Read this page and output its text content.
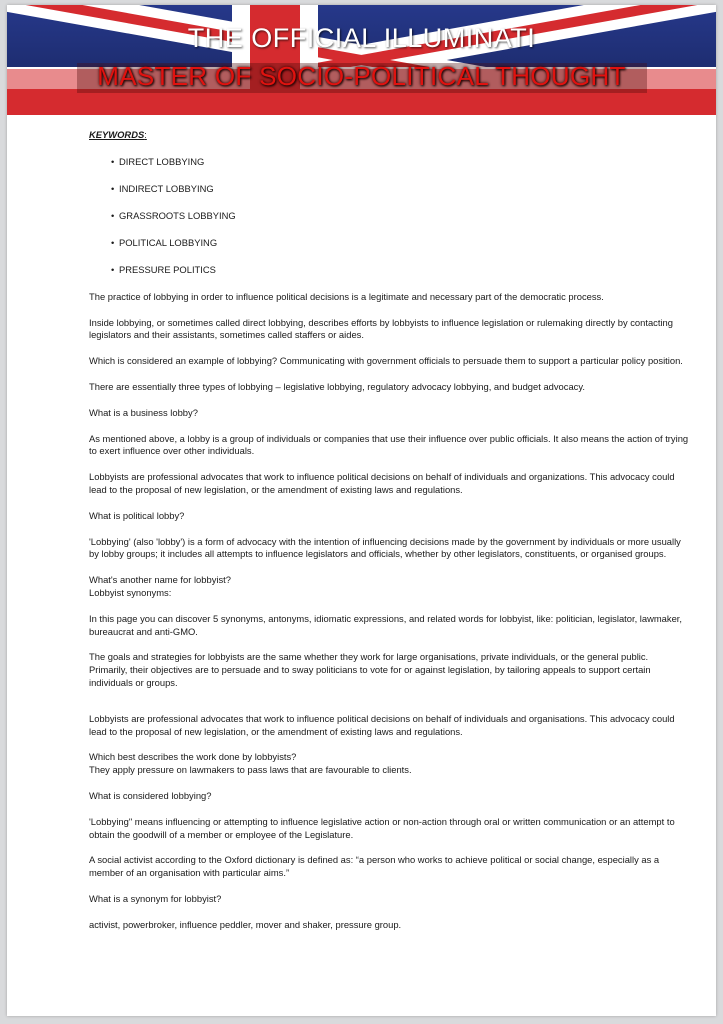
THE OFFICIAL ILLUMINATI
MASTER OF SOCIO-POLITICAL THOUGHT
KEYWORDS:
• DIRECT LOBBYING
• INDIRECT LOBBYING
• GRASSROOTS LOBBYING
• POLITICAL LOBBYING
• PRESSURE POLITICS

The practice of lobbying in order to influence political decisions is a legitimate and necessary part of the democratic process.

Inside lobbying, or sometimes called direct lobbying, describes efforts by lobbyists to influence legislation or rulemaking directly by contacting legislators and their assistants, sometimes called staffers or aides.

Which is considered an example of lobbying? Communicating with government officials to persuade them to support a particular policy position.

There are essentially three types of lobbying – legislative lobbying, regulatory advocacy lobbying, and budget advocacy.

What is a business lobby?

As mentioned above, a lobby is a group of individuals or companies that use their influence over public officials. It also means the action of trying to exert influence over other individuals.

Lobbyists are professional advocates that work to influence political decisions on behalf of individuals and organizations. This advocacy could lead to the proposal of new legislation, or the amendment of existing laws and regulations.

What is political lobby?

'Lobbying' (also 'lobby') is a form of advocacy with the intention of influencing decisions made by the government by individuals or more usually by lobby groups; it includes all attempts to influence legislators and officials, whether by other legislators, constituents, or organised groups.

What's another name for lobbyist?
Lobbyist synonyms:

In this page you can discover 5 synonyms, antonyms, idiomatic expressions, and related words for lobbyist, like: politician, legislator, lawmaker, bureaucrat and anti-GMO.

The goals and strategies for lobbyists are the same whether they work for large organisations, private individuals, or the general public. Primarily, their objectives are to persuade and to sway politicians to vote for or against legislation, by tailoring appeals to support certain individuals or groups.

Lobbyists are professional advocates that work to influence political decisions on behalf of individuals and organisations. This advocacy could lead to the proposal of new legislation, or the amendment of existing laws and regulations.

Which best describes the work done by lobbyists?
They apply pressure on lawmakers to pass laws that are favourable to clients.

What is considered lobbying?

'Lobbying" means influencing or attempting to influence legislative action or non-action through oral or written communication or an attempt to obtain the goodwill of a member or employee of the Legislature.

A social activist according to the Oxford dictionary is defined as: “a person who works to achieve political or social change, especially as a member of an organisation with particular aims.”

What is a synonym for lobbyist?

activist, powerbroker, influence peddler, mover and shaker, pressure group.
